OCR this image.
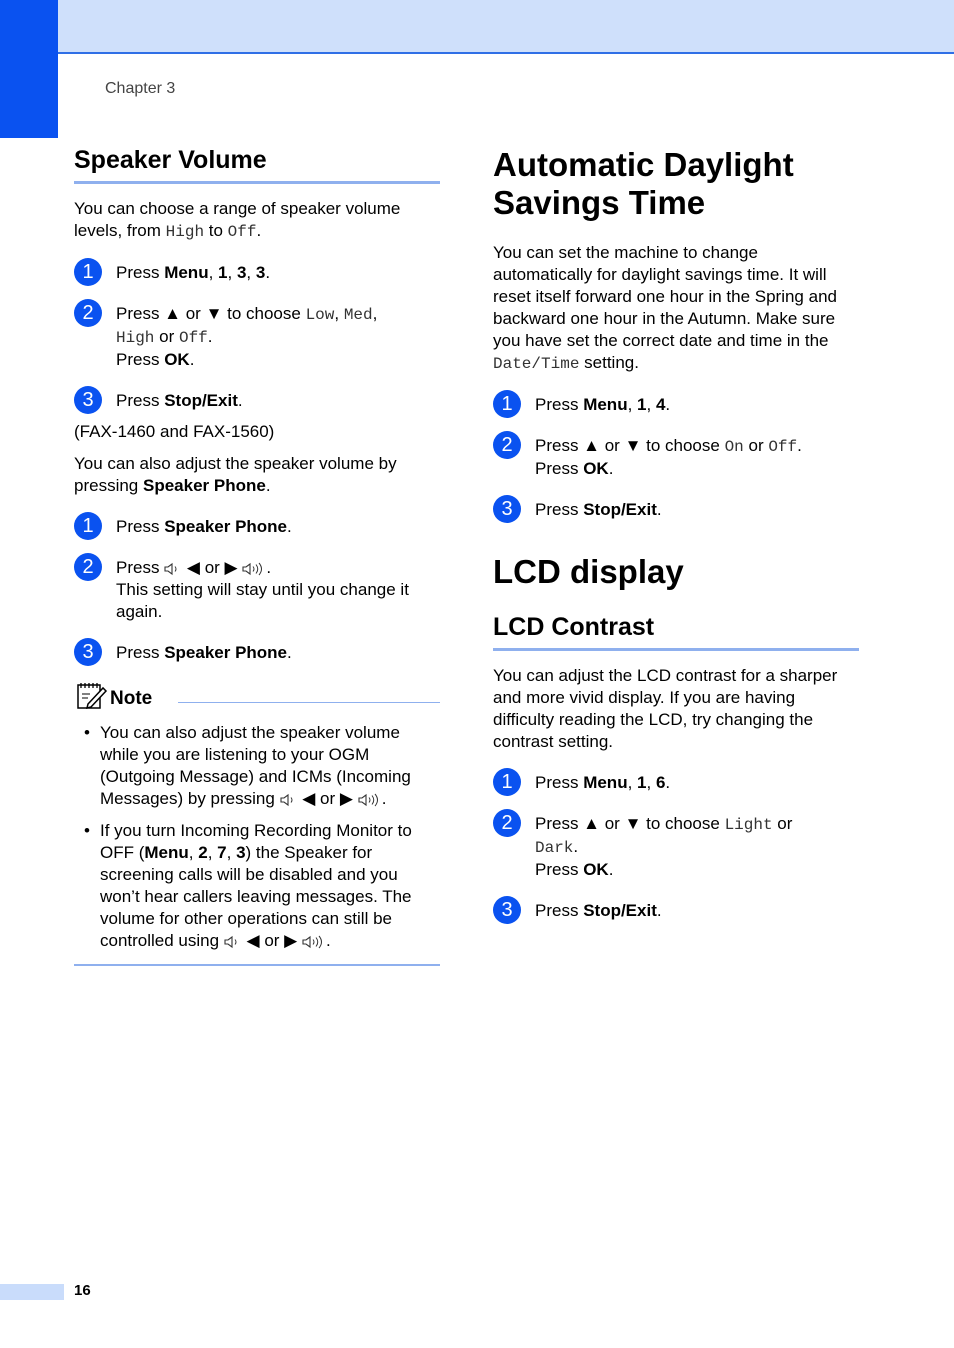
Chapter 3
Speaker Volume

You can choose a range of speaker volume levels, from High to Off.

1	Press Menu, 1, 3, 3.
2	Press ▲ or ▼ to choose Low, Med,
High or Off.
Press OK.
3	Press Stop/Exit.

(FAX-1460 and FAX-1560)

You can also adjust the speaker volume by pressing Speaker Phone.

1	Press Speaker Phone.
2	Press  ◀ or ▶ .
This setting will stay until you change it again.
3	Press Speaker Phone.
Note
• You can also adjust the speaker volume while you are listening to your OGM (Outgoing Message) and ICMs (Incoming Messages) by pressing  ◀ or ▶ .
• If you turn Incoming Recording Monitor to OFF (Menu, 2, 7, 3) the Speaker for screening calls will be disabled and you won’t hear callers leaving messages. The volume for other operations can still be controlled using  ◀ or ▶ .
Automatic Daylight Savings Time

You can set the machine to change automatically for daylight savings time. It will reset itself forward one hour in the Spring and backward one hour in the Autumn. Make sure you have set the correct date and time in the Date/Time setting.

1	Press Menu, 1, 4.
2	Press ▲ or ▼ to choose On or Off.
Press OK.
3	Press Stop/Exit.
LCD display
LCD Contrast

You can adjust the LCD contrast for a sharper and more vivid display. If you are having difficulty reading the LCD, try changing the contrast setting.

1	Press Menu, 1, 6.
2	Press ▲ or ▼ to choose Light or
Dark.
Press OK.
3	Press Stop/Exit.
16
